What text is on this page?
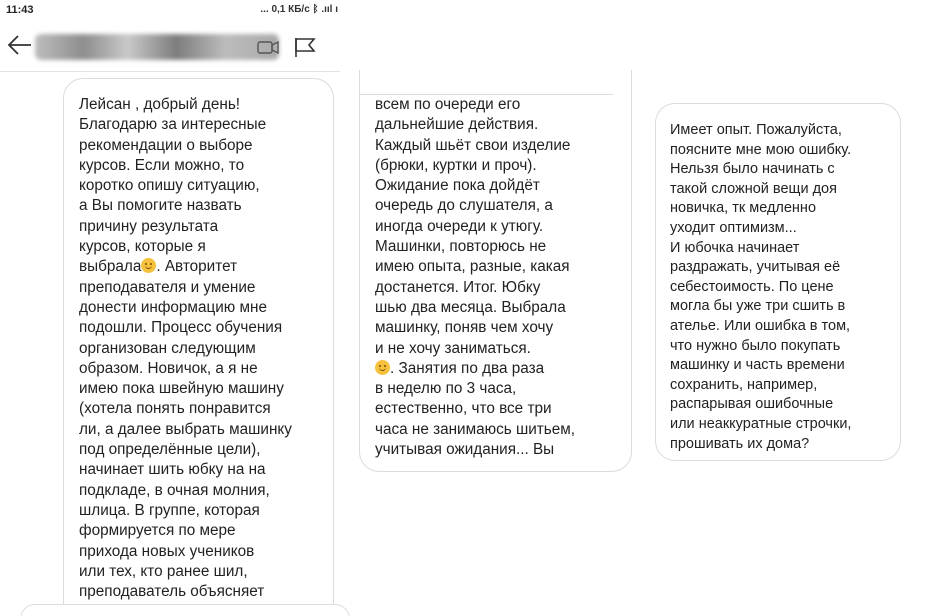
11:43	... 0,1 КБ/с ᛒ .ııl ı
Лейсан , добрый день!
Благодарю за интересные
рекомендации о выборе
курсов. Если можно, то
коротко опишу ситуацию,
а Вы помогите назвать
причину результата
курсов, которые я
выбрала . Авторитет
преподавателя и умение
донести информацию мне
подошли. Процесс обучения
организован следующим
образом. Новичок, а я не
имею пока швейную машину
(хотела понять понравится
ли, а далее выбрать машинку
под определённые цели),
начинает шить юбку на на
подкладе, в очная молния,
шлица. В группе, которая
формируется по мере
прихода новых учеников
или тех, кто ранее шил,
преподаватель объясняет
всем по очереди его
дальнейшие действия.
Каждый шьёт свои изделие
(брюки, куртки и проч).
Ожидание пока дойдёт
очередь до слушателя, а
иногда очереди к утюгу.
Машинки, повторюсь не
имею опыта, разные, какая
достанется. Итог. Юбку
шью два месяца. Выбрала
машинку, поняв чем хочу
и не хочу заниматься.
. Занятия по два раза
в неделю по 3 часа,
естественно, что все три
часа не занимаюсь шитьем,
учитывая ожидания... Вы
Имеет опыт. Пожалуйста,
поясните мне мою ошибку.
Нельзя было начинать с
такой сложной вещи доя
новичка, тк медленно
уходит оптимизм...
И юбочка начинает
раздражать, учитывая её
себестоимость. По цене
могла бы уже три сшить в
ателье. Или ошибка в том,
что нужно было покупать
машинку и часть времени
сохранить, например,
распарывая ошибочные
или неаккуратные строчки,
прошивать их дома?
